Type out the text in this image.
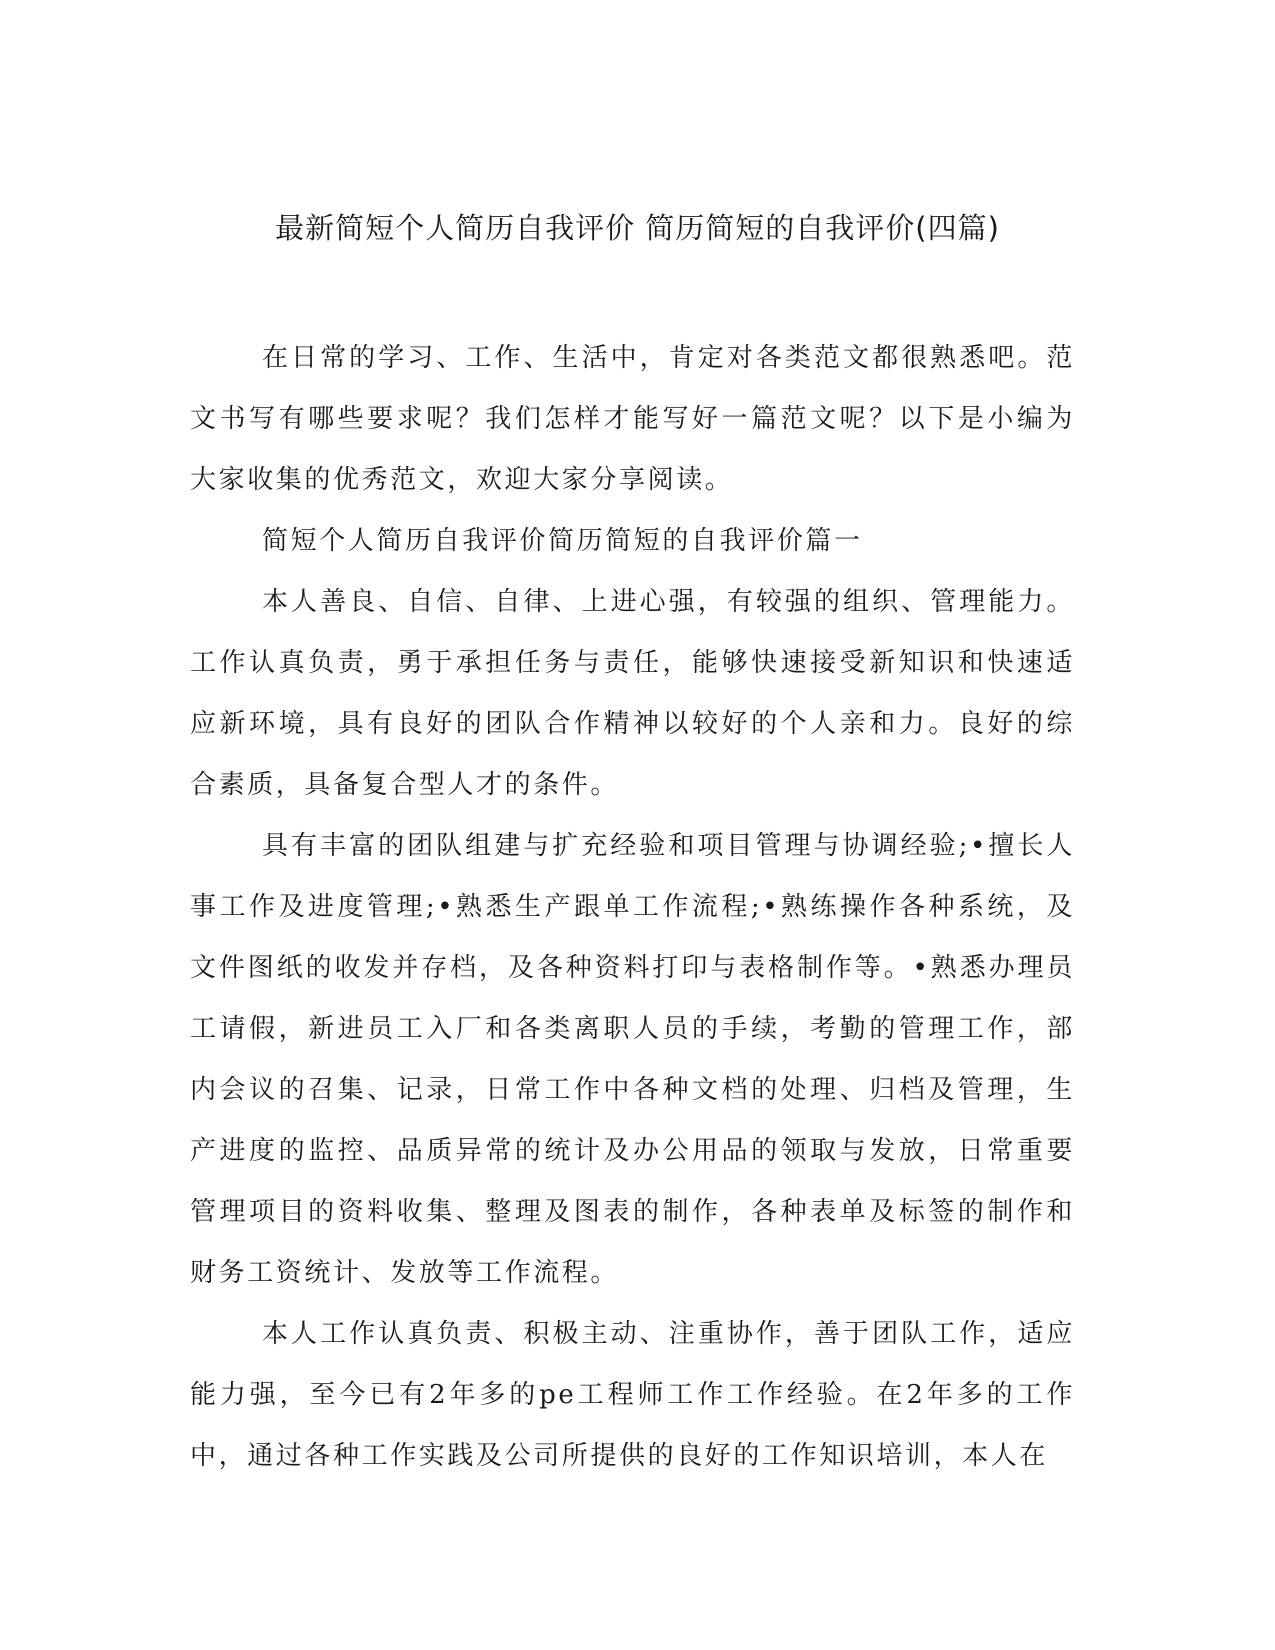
最新简短个人简历自我评价 简历简短的自我评价(四篇)

在日常的学习、工作、生活中，肯定对各类范文都很熟悉吧。范文书写有哪些要求呢？我们怎样才能写好一篇范文呢？以下是小编为大家收集的优秀范文，欢迎大家分享阅读。

简短个人简历自我评价简历简短的自我评价篇一

本人善良、自信、自律、上进心强，有较强的组织、管理能力。工作认真负责，勇于承担任务与责任，能够快速接受新知识和快速适应新环境，具有良好的团队合作精神以较好的个人亲和力。良好的综合素质，具备复合型人才的条件。

具有丰富的团队组建与扩充经验和项目管理与协调经验;•擅长人事工作及进度管理;•熟悉生产跟单工作流程;•熟练操作各种系统，及文件图纸的收发并存档，及各种资料打印与表格制作等。•熟悉办理员工请假，新进员工入厂和各类离职人员的手续，考勤的管理工作，部内会议的召集、记录，日常工作中各种文档的处理、归档及管理，生产进度的监控、品质异常的统计及办公用品的领取与发放，日常重要管理项目的资料收集、整理及图表的制作，各种表单及标签的制作和财务工资统计、发放等工作流程。

本人工作认真负责、积极主动、注重协作，善于团队工作，适应能力强，至今已有2年多的pe工程师工作工作经验。在2年多的工作中，通过各种工作实践及公司所提供的良好的工作知识培训，本人在
